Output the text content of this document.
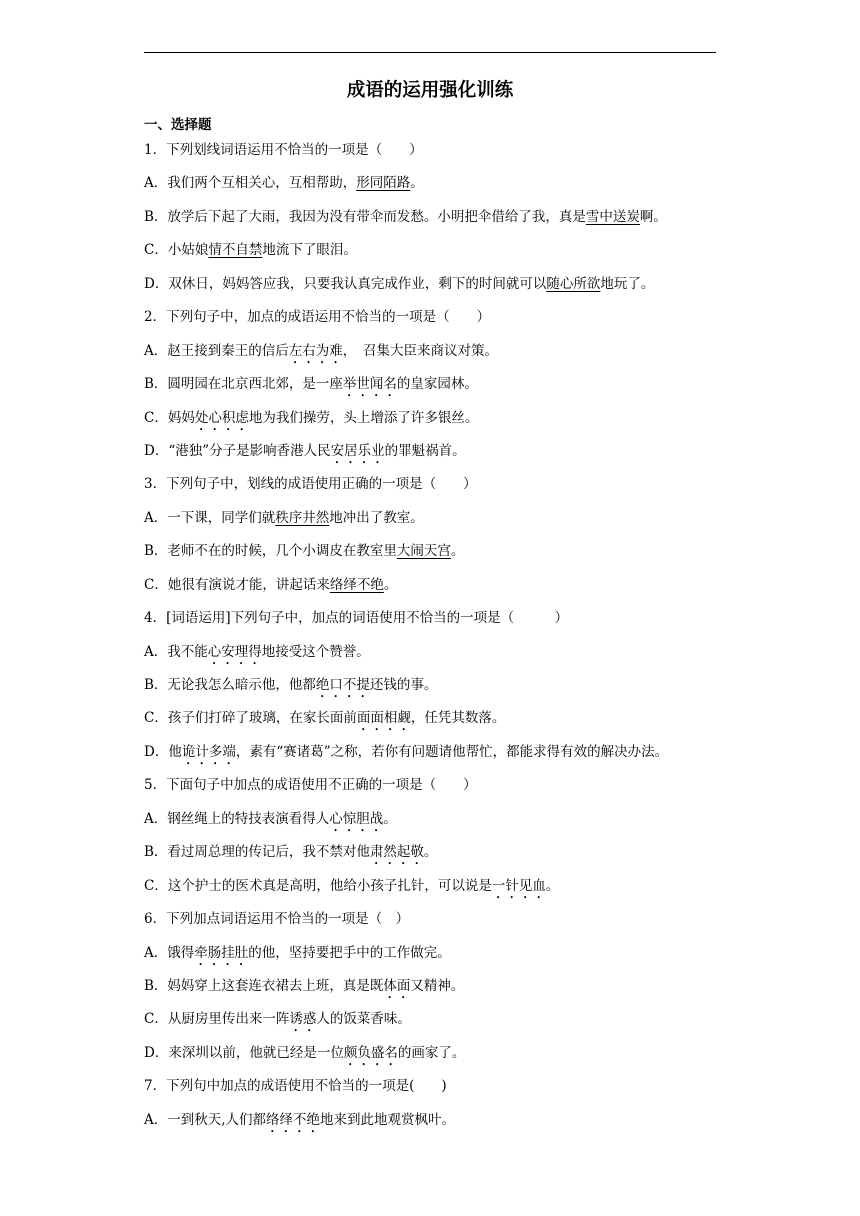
成语的运用强化训练
一、选择题
1．下列划线词语运用不恰当的一项是（　　）
A．我们两个互相关心，互相帮助，形同陌路。
B．放学后下起了大雨，我因为没有带伞而发愁。小明把伞借给了我，真是雪中送炭啊。
C．小姑娘情不自禁地流下了眼泪。
D．双休日，妈妈答应我，只要我认真完成作业，剩下的时间就可以随心所欲地玩了。
2．下列句子中，加点的成语运用不恰当的一项是（　　）
A．赵王接到秦王的信后左右为难，　召集大臣来商议对策。
B．圆明园在北京西北郊，是一座举世闻名的皇家园林。
C．妈妈处心积虑地为我们操劳，头上增添了许多银丝。
D．“港独”分子是影响香港人民安居乐业的罪魁祸首。
3．下列句子中，划线的成语使用正确的一项是（　　）
A．一下课，同学们就秩序井然地冲出了教室。
B．老师不在的时候，几个小调皮在教室里大闹天宫。
C．她很有演说才能，讲起话来络绎不绝。
4．[词语运用]下列句子中，加点的词语使用不恰当的一项是（　　　）
A．我不能心安理得地接受这个赞誉。
B．无论我怎么暗示他，他都绝口不提还钱的事。
C．孩子们打碎了玻璃，在家长面前面面相觑，任凭其数落。
D．他诡计多端，素有“赛诸葛”之称，若你有问题请他帮忙，都能求得有效的解决办法。
5．下面句子中加点的成语使用不正确的一项是（　　）
A．钢丝绳上的特技表演看得人心惊胆战。
B．看过周总理的传记后，我不禁对他肃然起敬。
C．这个护士的医术真是高明，他给小孩子扎针，可以说是一针见血。
6．下列加点词语运用不恰当的一项是（　）
A．饿得牵肠挂肚的他，坚持要把手中的工作做完。
B．妈妈穿上这套连衣裙去上班，真是既体面又精神。
C．从厨房里传出来一阵诱惑人的饭菜香味。
D．来深圳以前，他就已经是一位颇负盛名的画家了。
7．下列句中加点的成语使用不恰当的一项是(　　)
A．一到秋天,人们都络绎不绝地来到此地观赏枫叶。
